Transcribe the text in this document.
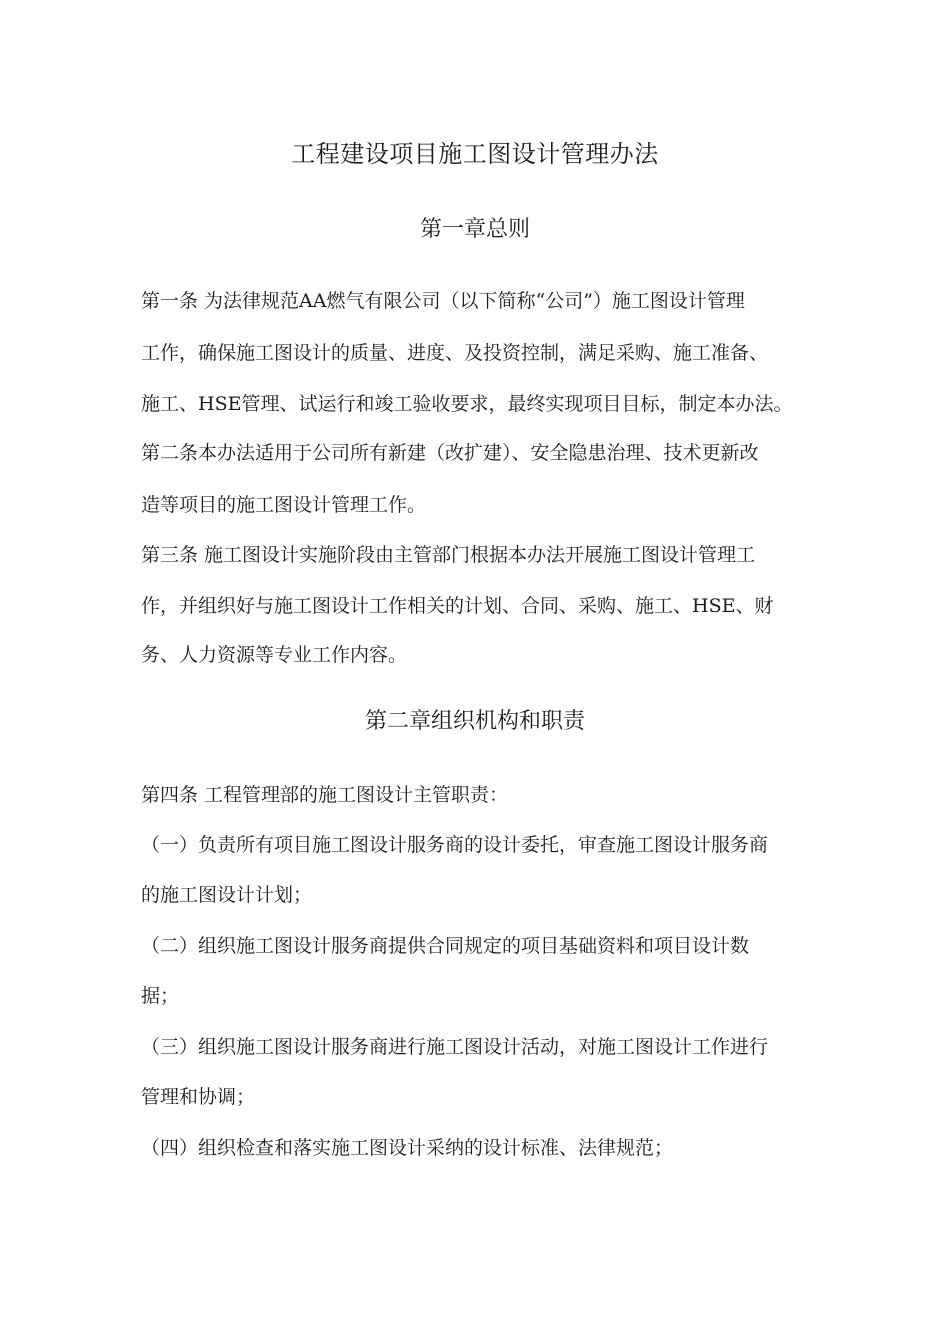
工程建设项目施工图设计管理办法
第一章总则
第一条 为法律规范AA燃气有限公司（以下简称“公司”）施工图设计管理
工作，确保施工图设计的质量、进度、及投资控制，满足采购、施工准备、
施工、HSE管理、试运行和竣工验收要求，最终实现项目目标，制定本办法。
第二条本办法适用于公司所有新建（改扩建）、安全隐患治理、技术更新改
造等项目的施工图设计管理工作。
第三条 施工图设计实施阶段由主管部门根据本办法开展施工图设计管理工
作，并组织好与施工图设计工作相关的计划、合同、采购、施工、HSE、财
务、人力资源等专业工作内容。
第二章组织机构和职责
第四条 工程管理部的施工图设计主管职责：
（一）负责所有项目施工图设计服务商的设计委托，审查施工图设计服务商
的施工图设计计划；
（二）组织施工图设计服务商提供合同规定的项目基础资料和项目设计数
据；
（三）组织施工图设计服务商进行施工图设计活动，对施工图设计工作进行
管理和协调；
（四）组织检查和落实施工图设计采纳的设计标准、法律规范；
